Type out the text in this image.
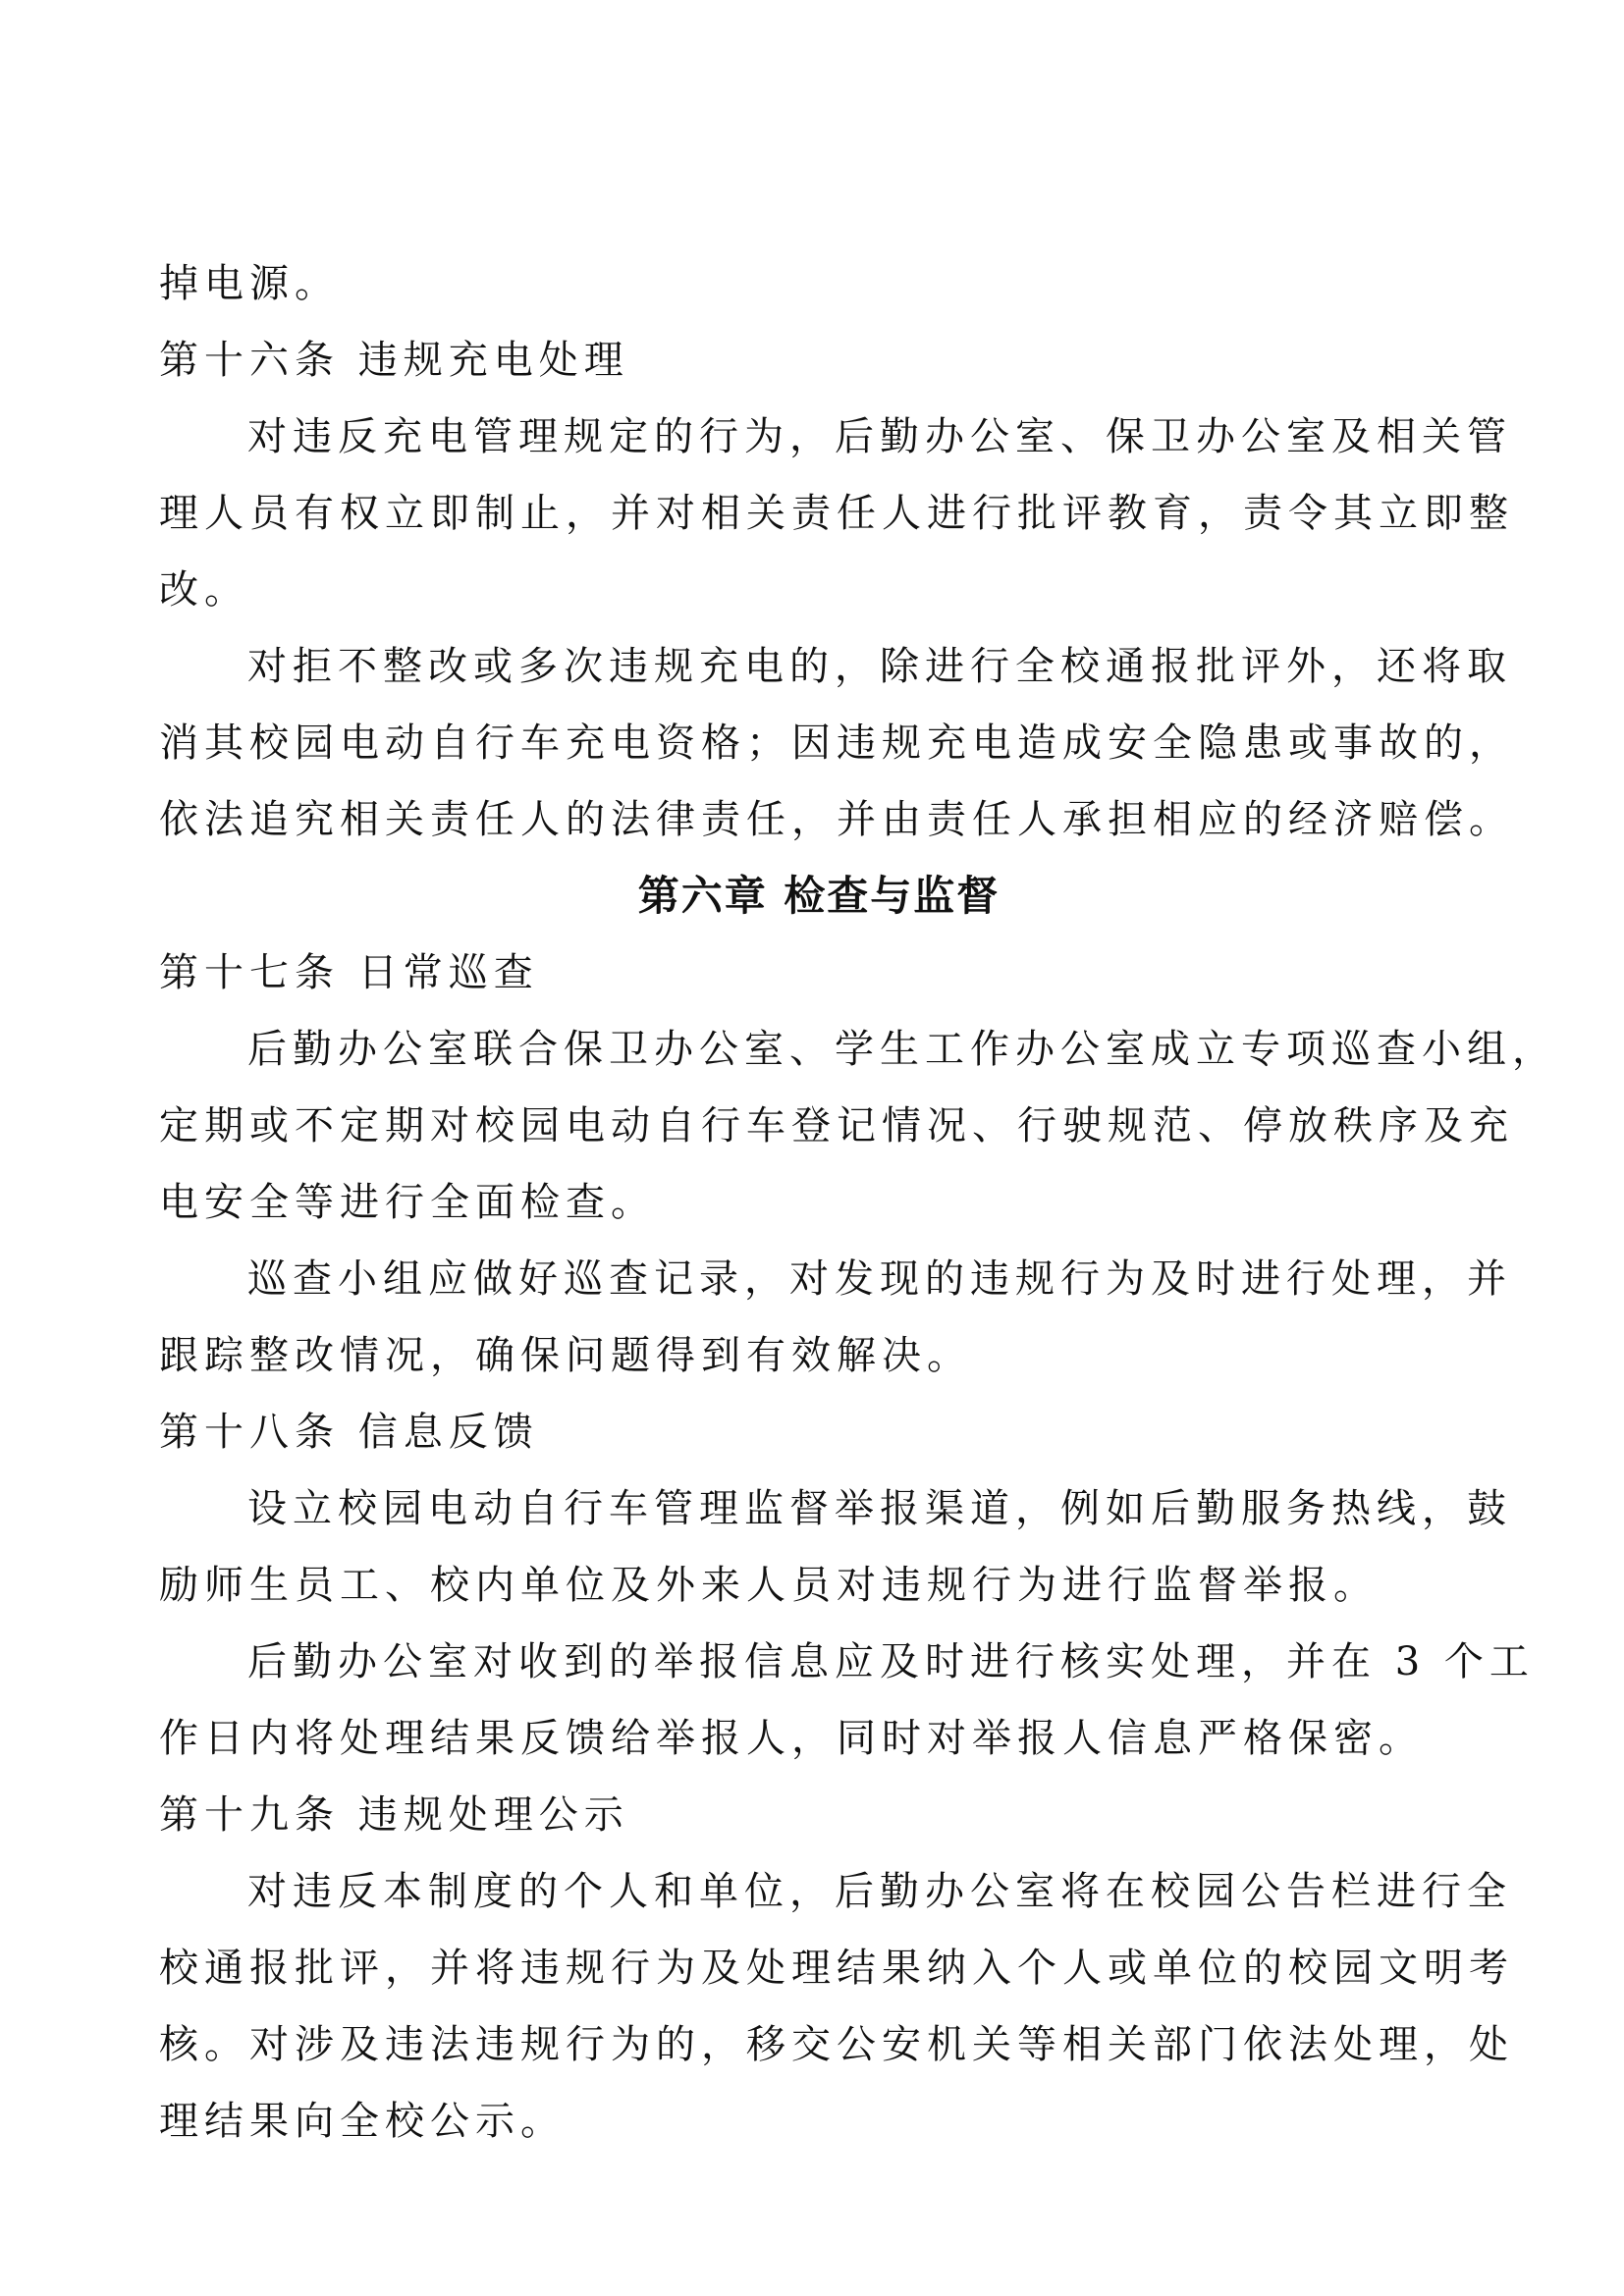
掉电源。
第十六条 违规充电处理
对违反充电管理规定的行为，后勤办公室、保卫办公室及相关管
理人员有权立即制止，并对相关责任人进行批评教育，责令其立即整
改。
对拒不整改或多次违规充电的，除进行全校通报批评外，还将取
消其校园电动自行车充电资格；因违规充电造成安全隐患或事故的，
依法追究相关责任人的法律责任，并由责任人承担相应的经济赔偿。
第六章 检查与监督
第十七条 日常巡查
后勤办公室联合保卫办公室、学生工作办公室成立专项巡查小组，
定期或不定期对校园电动自行车登记情况、行驶规范、停放秩序及充
电安全等进行全面检查。
巡查小组应做好巡查记录，对发现的违规行为及时进行处理，并
跟踪整改情况，确保问题得到有效解决。
第十八条 信息反馈
设立校园电动自行车管理监督举报渠道，例如后勤服务热线，鼓
励师生员工、校内单位及外来人员对违规行为进行监督举报。
后勤办公室对收到的举报信息应及时进行核实处理，并在 3 个工
作日内将处理结果反馈给举报人，同时对举报人信息严格保密。
第十九条 违规处理公示
对违反本制度的个人和单位，后勤办公室将在校园公告栏进行全
校通报批评，并将违规行为及处理结果纳入个人或单位的校园文明考
核。对涉及违法违规行为的，移交公安机关等相关部门依法处理，处
理结果向全校公示。
